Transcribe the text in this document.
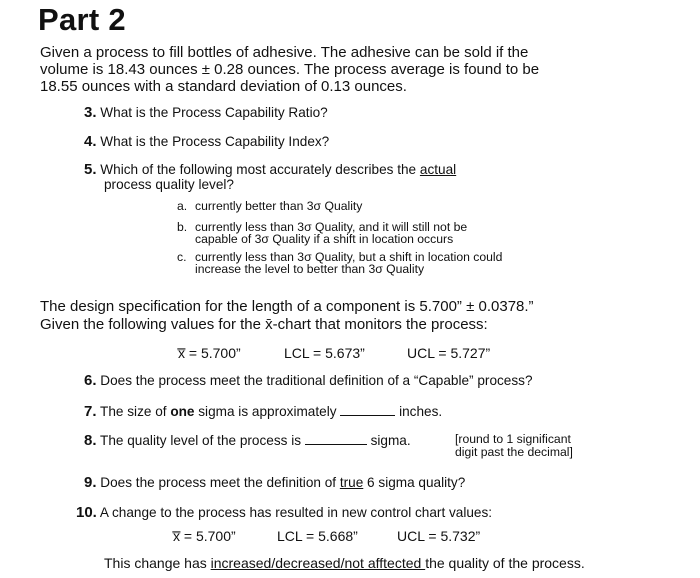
Part 2
Given a process to fill bottles of adhesive. The adhesive can be sold if the
volume is 18.43 ounces ± 0.28 ounces. The process average is found to be
18.55 ounces with a standard deviation of 0.13 ounces.
3. What is the Process Capability Ratio?
4. What is the Process Capability Index?
5. Which of the following most accurately describes the actual
process quality level?
a. currently better than 3σ Quality
b. currently less than 3σ Quality, and it will still not be
capable of 3σ Quality if a shift in location occurs
c. currently less than 3σ Quality, but a shift in location could
increase the level to better than 3σ Quality
The design specification for the length of a component is 5.700” ± 0.0378.”
Given the following values for the x̄-chart that monitors the process:
x̿ = 5.700”	LCL = 5.673”	UCL = 5.727”
6. Does the process meet the traditional definition of a “Capable” process?
7. The size of one sigma is approximately	inches.
8. The quality level of the process is	sigma.	[round to 1 significant
digit past the decimal]
9. Does the process meet the definition of true 6 sigma quality?
10. A change to the process has resulted in new control chart values:
x̿ = 5.700”	LCL = 5.668”	UCL = 5.732”
This change has increased/decreased/not afftected the quality of the process.
